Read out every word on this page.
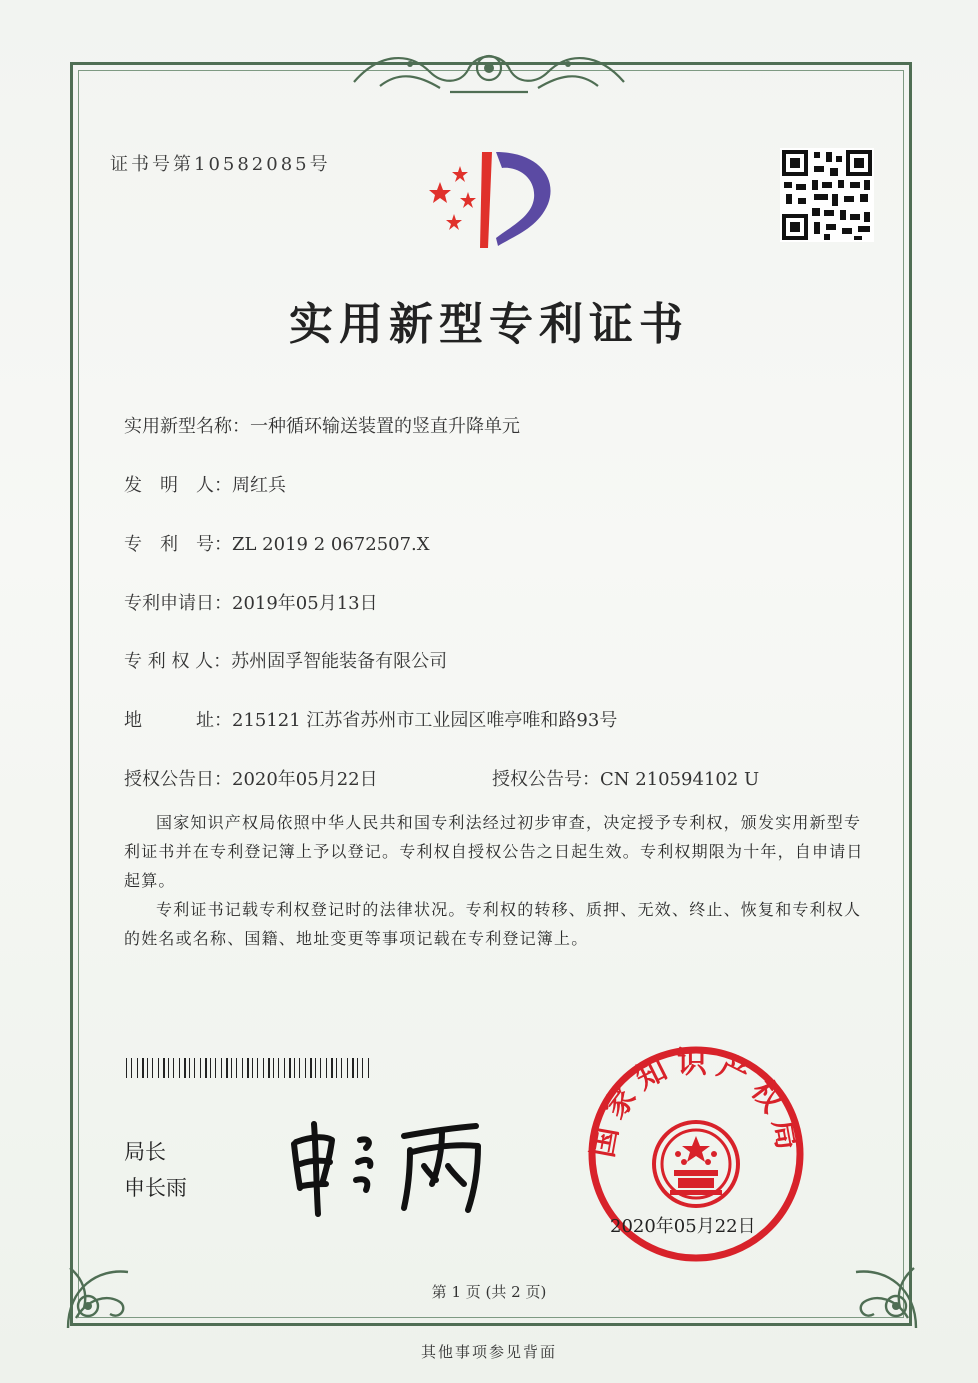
证书号第10582085号
实用新型专利证书
实用新型名称：一种循环输送装置的竖直升降单元
发　明　人：周红兵
专　利　号：ZL 2019 2 0672507.X
专利申请日：2019年05月13日
专 利 权 人：苏州固孚智能装备有限公司
地　　　址：215121 江苏省苏州市工业园区唯亭唯和路93号
授权公告日：2020年05月22日	授权公告号：CN 210594102 U
国家知识产权局依照中华人民共和国专利法经过初步审查，决定授予专利权，颁发实用新型专利证书并在专利登记簿上予以登记。专利权自授权公告之日起生效。专利权期限为十年，自申请日起算。
专利证书记载专利权登记时的法律状况。专利权的转移、质押、无效、终止、恢复和专利权人的姓名或名称、国籍、地址变更等事项记载在专利登记簿上。
局长
申长雨
国家知识产权局
2020年05月22日
第 1 页 (共 2 页)
其他事项参见背面
